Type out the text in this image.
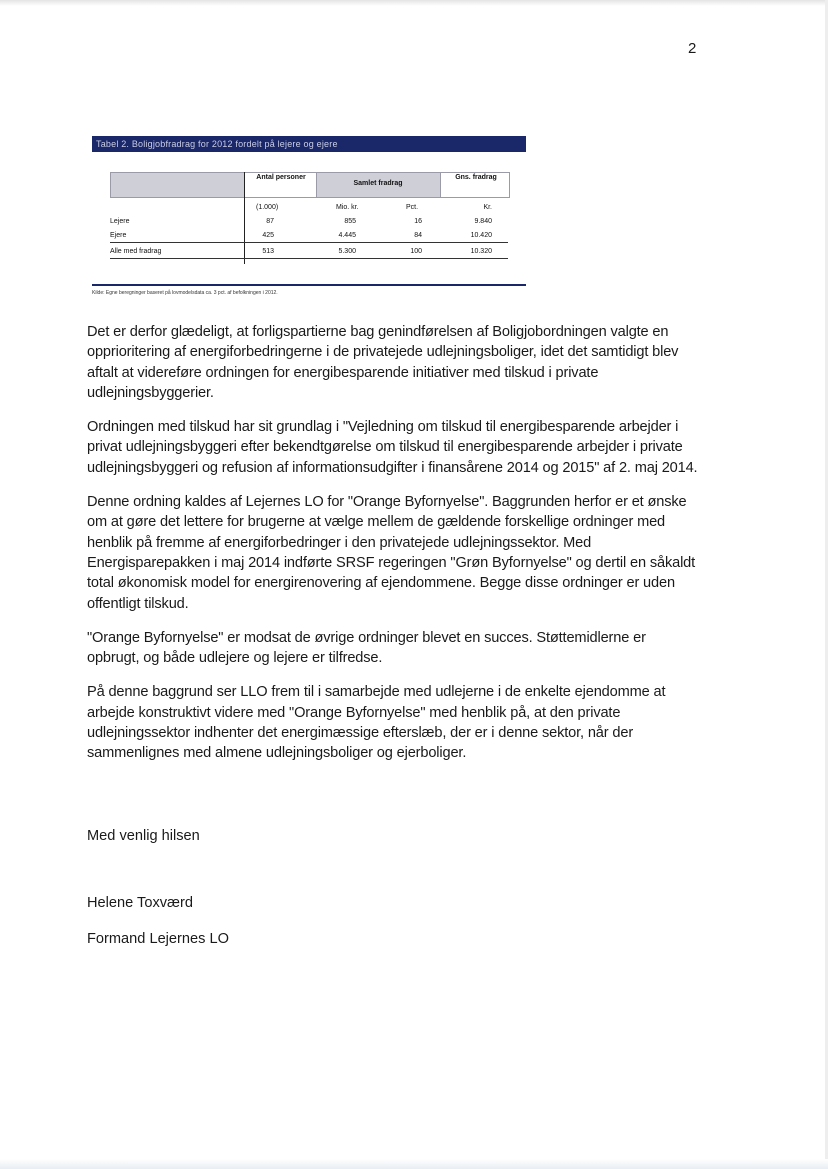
2
Tabel 2. Boligjobfradrag for 2012 fordelt på lejere og ejere
Antal personer
Samlet fradrag
Gns. fradrag
(1.000)	Mio. kr.	Pct.	Kr.
Lejere	87	855	16	9.840
Ejere	425	4.445	84	10.420
Alle med fradrag	513	5.300	100	10.320
Kilde: Egne beregninger baseret på lovmodelsdata ca. 3 pct. af befolkningen i 2012.

Det er derfor glædeligt, at forligspartierne bag genindførelsen af Boligjobordningen valgte en opprioritering af energiforbedringerne i de privatejede udlejningsboliger, idet det samtidigt blev aftalt at videreføre ordningen for energibesparende initiativer med tilskud i private udlejningsbyggerier.

Ordningen med tilskud har sit grundlag i "Vejledning om tilskud til energibesparende arbejder i privat udlejningsbyggeri efter bekendtgørelse om tilskud til energibesparende arbejder i private udlejningsbyggeri og refusion af informationsudgifter i finansårene 2014 og 2015" af 2. maj 2014.

Denne ordning kaldes af Lejernes LO for "Orange Byfornyelse". Baggrunden herfor er et ønske om at gøre det lettere for brugerne at vælge mellem de gældende forskellige ordninger med henblik på fremme af energiforbedringer i den privatejede udlejningssektor. Med Energisparepakken i maj 2014 indførte SRSF regeringen "Grøn Byfornyelse" og dertil en såkaldt total økonomisk model for energirenovering af ejendommene. Begge disse ordninger er uden offentligt tilskud.

"Orange Byfornyelse" er modsat de øvrige ordninger blevet en succes. Støttemidlerne er opbrugt, og både udlejere og lejere er tilfredse.

På denne baggrund ser LLO frem til i samarbejde med udlejerne i de enkelte ejendomme at arbejde konstruktivt videre med "Orange Byfornyelse" med henblik på, at den private udlejningssektor indhenter det energimæssige efterslæb, der er i denne sektor, når der sammenlignes med almene udlejningsboliger og ejerboliger.

Med venlig hilsen
Helene Toxværd
Formand Lejernes LO
